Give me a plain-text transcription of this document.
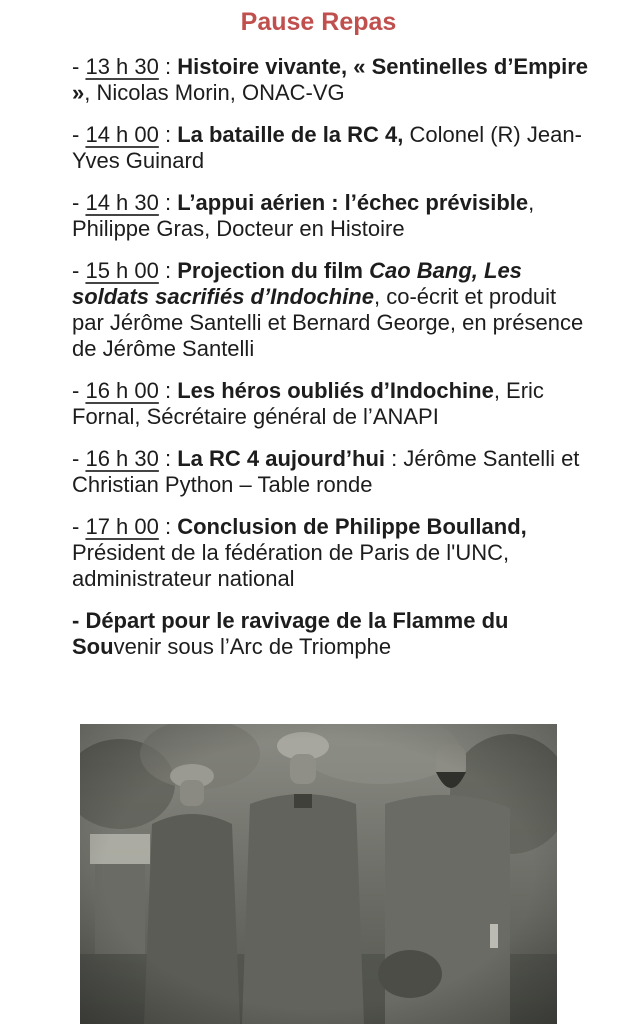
Pause Repas

- 13 h 30 : Histoire vivante, « Sentinelles d’Empire », Nicolas Morin, ONAC-VG

- 14 h 00 : La bataille de la RC 4, Colonel (R) Jean-Yves Guinard

- 14 h 30 : L’appui aérien : l’échec prévisible, Philippe Gras, Docteur en Histoire

- 15 h 00 : Projection du film Cao Bang, Les soldats sacrifiés d’Indochine, co-écrit et produit par Jérôme Santelli et Bernard George, en présence de Jérôme Santelli

- 16 h 00 : Les héros oubliés d’Indochine, Eric Fornal, Sécrétaire général de l’ANAPI

- 16 h 30 : La RC 4 aujourd’hui : Jérôme Santelli et Christian Python – Table ronde

- 17 h 00 : Conclusion de Philippe Boulland, Président de la fédération de Paris de l'UNC, administrateur national

- Départ pour le ravivage de la Flamme du Souvenir sous l’Arc de Triomphe
